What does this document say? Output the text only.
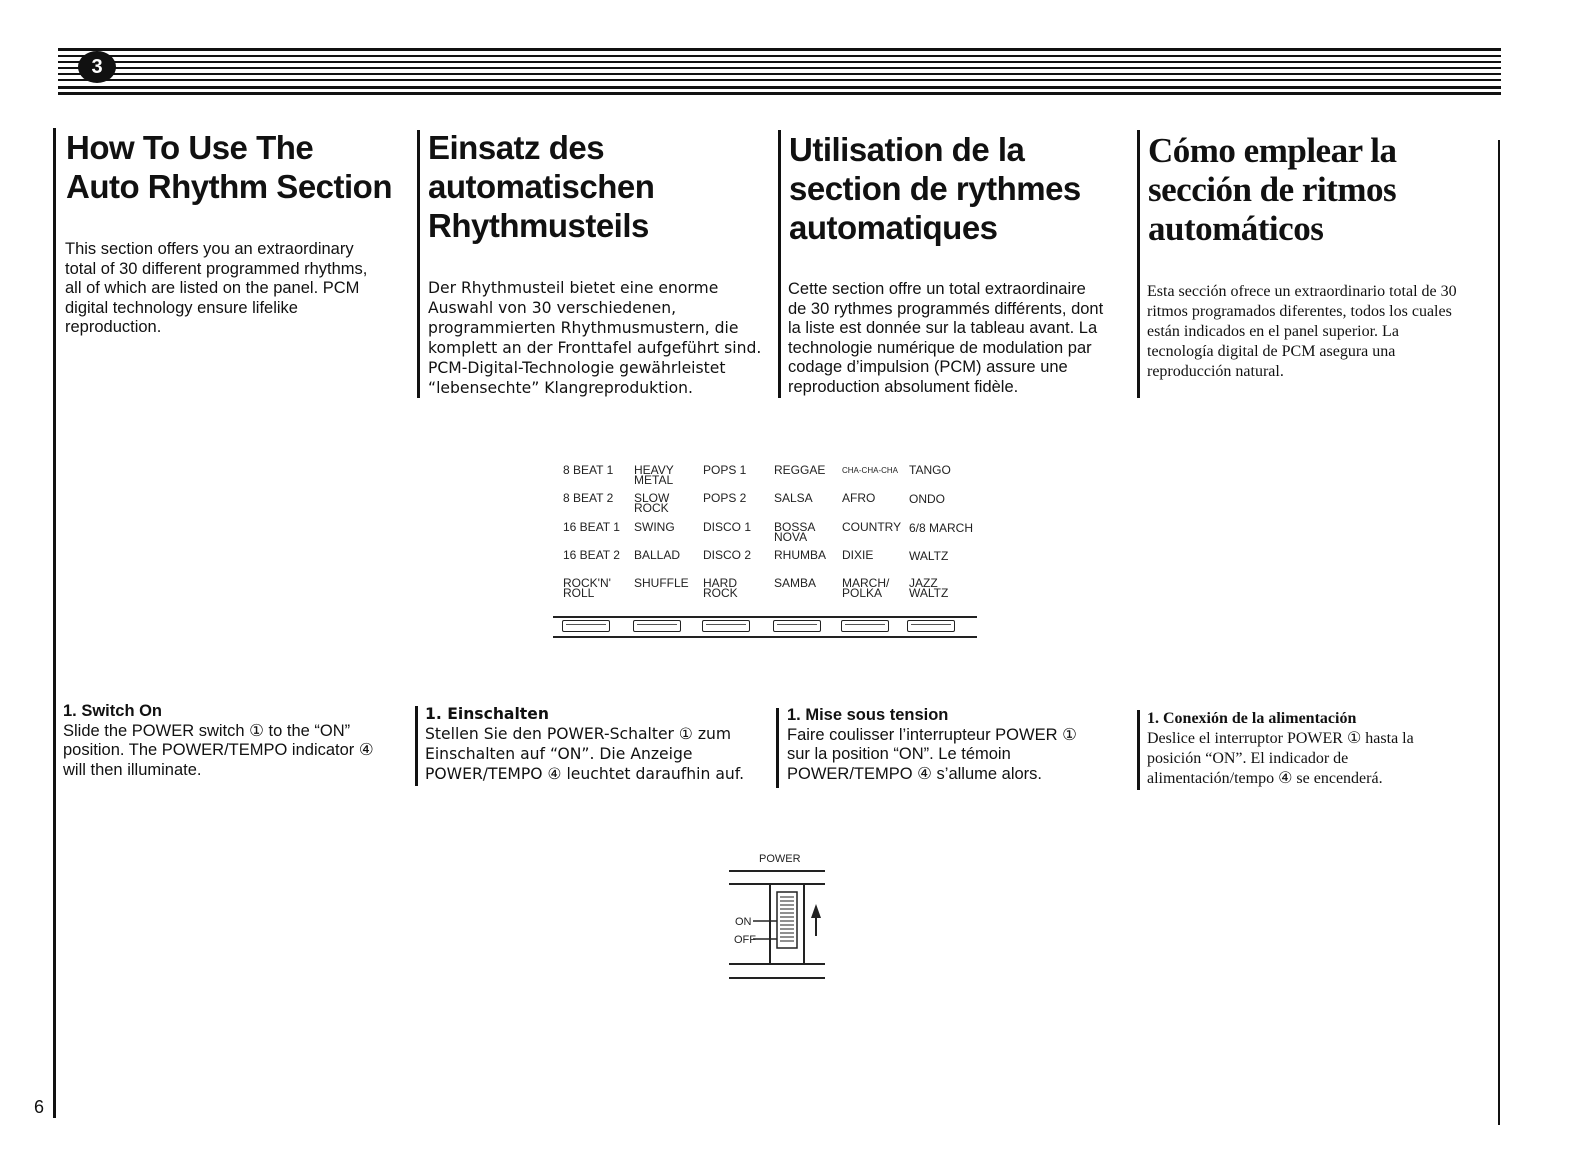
3
How To Use The
Auto Rhythm Section
Einsatz des
automatischen
Rhythmusteils
Utilisation de la
section de rythmes
automatiques
Cómo emplear la
sección de ritmos
automáticos
This section offers you an extraordinary
total of 30 different programmed rhythms,
all of which are listed on the panel. PCM
digital technology ensure lifelike
reproduction.
Der Rhythmusteil bietet eine enorme
Auswahl von 30 verschiedenen,
programmierten Rhythmusmustern, die
komplett an der Fronttafel aufgeführt sind.
PCM-Digital-Technologie gewährleistet
“lebensechte” Klangreproduktion.
Cette section offre un total extraordinaire
de 30 rythmes programmés différents, dont
la liste est donnée sur la tableau avant. La
technologie numérique de modulation par
codage d’impulsion (PCM) assure une
reproduction absolument fidèle.
Esta sección ofrece un extraordinario total de 30
ritmos programados diferentes, todos los cuales
están indicados en el panel superior. La
tecnología digital de PCM asegura una
reproducción natural.
8 BEAT 1 HEAVY
METAL
POPS 1 REGGAE CHA-CHA-CHA TANGO
8 BEAT 2 SLOW
ROCK
POPS 2 SALSA AFRO	ONDO
16 BEAT 1 SWING DISCO 1 BOSSA
NOVA
COUNTRY 6/8 MARCH
16 BEAT 2 BALLAD DISCO 2 RHUMBA DIXIE	WALTZ
ROCK'N'
ROLL
SHUFFLE HARD
ROCK
SAMBA MARCH/
POLKA
JAZZ
WALTZ
1. Switch On
Slide the POWER switch ① to the “ON”
position. The POWER/TEMPO indicator ④
will then illuminate.
1. Einschalten
Stellen Sie den POWER-Schalter ① zum
Einschalten auf “ON”. Die Anzeige
POWER/TEMPO ④ leuchtet daraufhin auf.
1. Mise sous tension
Faire coulisser l’interrupteur POWER ①
sur la position “ON”. Le témoin
POWER/TEMPO ④ s’allume alors.
1. Conexión de la alimentación
Deslice el interruptor POWER ① hasta la
posición “ON”. El indicador de
alimentación/tempo ④ se encenderá.
POWER
ON
OFF
6
